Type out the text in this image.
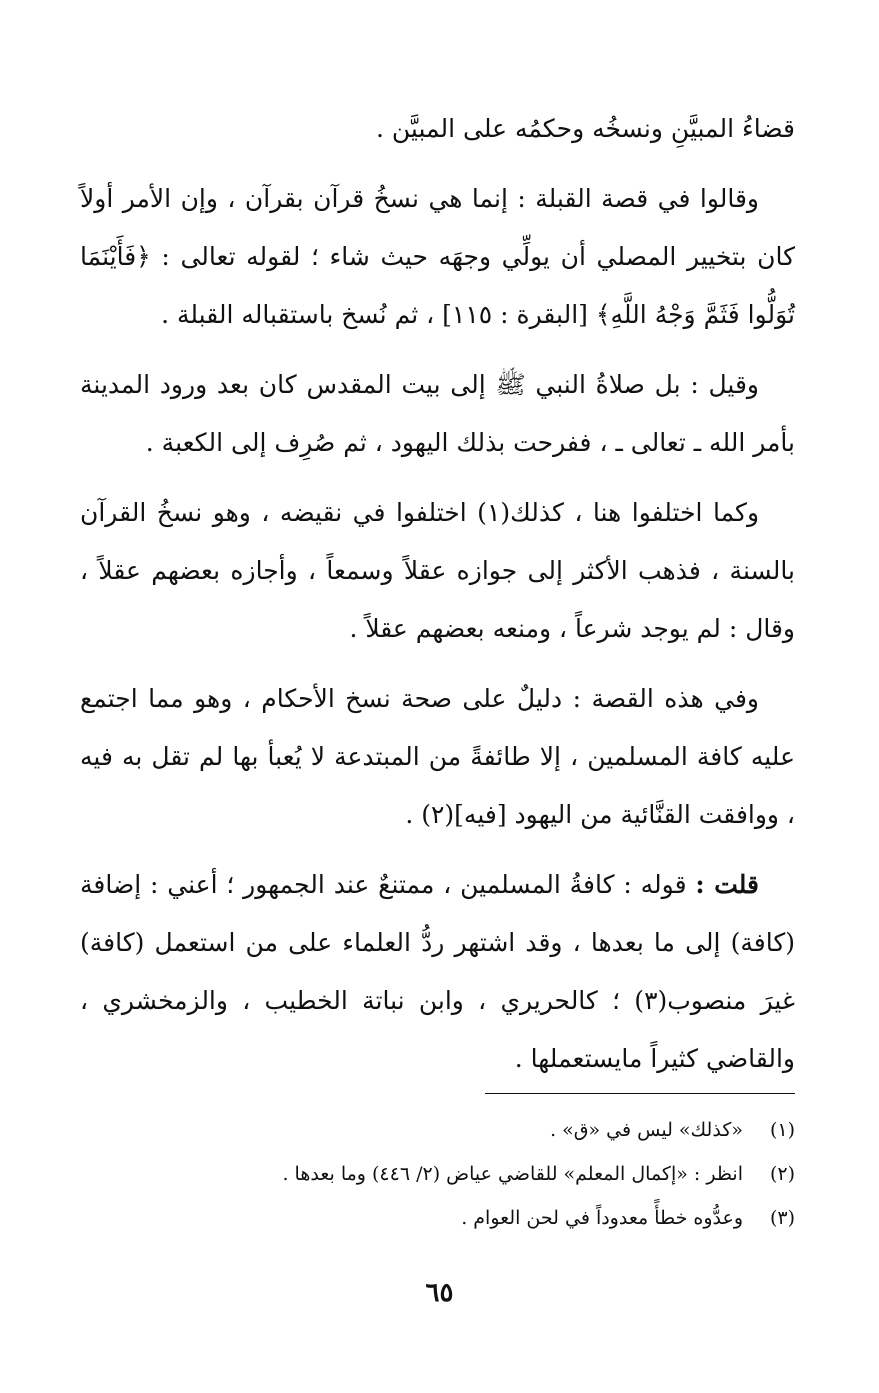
قضاءُ المبيَّنِ ونسخُه وحكمُه على المبيَّن .

وقالوا في قصة القبلة : إنما هي نسخُ قرآن بقرآن ، وإن الأمر أولاً كان بتخيير المصلي أن يولِّي وجهَه حيث شاء ؛ لقوله تعالى : ﴿فَأَيْنَمَا تُوَلُّوا فَثَمَّ وَجْهُ اللَّهِ﴾ [البقرة : ١١٥] ، ثم نُسخ باستقباله القبلة .

وقيل : بل صلاةُ النبي ﷺ إلى بيت المقدس كان بعد ورود المدينة بأمر الله ـ تعالى ـ ، ففرحت بذلك اليهود ، ثم صُرِف إلى الكعبة .

وكما اختلفوا هنا ، كذلك(١) اختلفوا في نقيضه ، وهو نسخُ القرآن بالسنة ، فذهب الأكثر إلى جوازه عقلاً وسمعاً ، وأجازه بعضهم عقلاً ، وقال : لم يوجد شرعاً ، ومنعه بعضهم عقلاً .

وفي هذه القصة : دليلٌ على صحة نسخ الأحكام ، وهو مما اجتمع عليه كافة المسلمين ، إلا طائفةً من المبتدعة لا يُعبأ بها لم تقل به فيه ، ووافقت القنَّائية من اليهود [فيه](٢) .

قلت : قوله : كافةُ المسلمين ، ممتنعٌ عند الجمهور ؛ أعني : إضافة (كافة) إلى ما بعدها ، وقد اشتهر ردُّ العلماء على من استعمل (كافة) غيرَ منصوب(٣) ؛ كالحريري ، وابن نباتة الخطيب ، والزمخشري ، والقاضي كثيراً مايستعملها .

(١)«كذلك» ليس في «ق» .

(٢)انظر : «إكمال المعلم» للقاضي عياض (٢/ ٤٤٦) وما بعدها .

(٣)وعدُّوه خطأً معدوداً في لحن العوام .

٦٥
